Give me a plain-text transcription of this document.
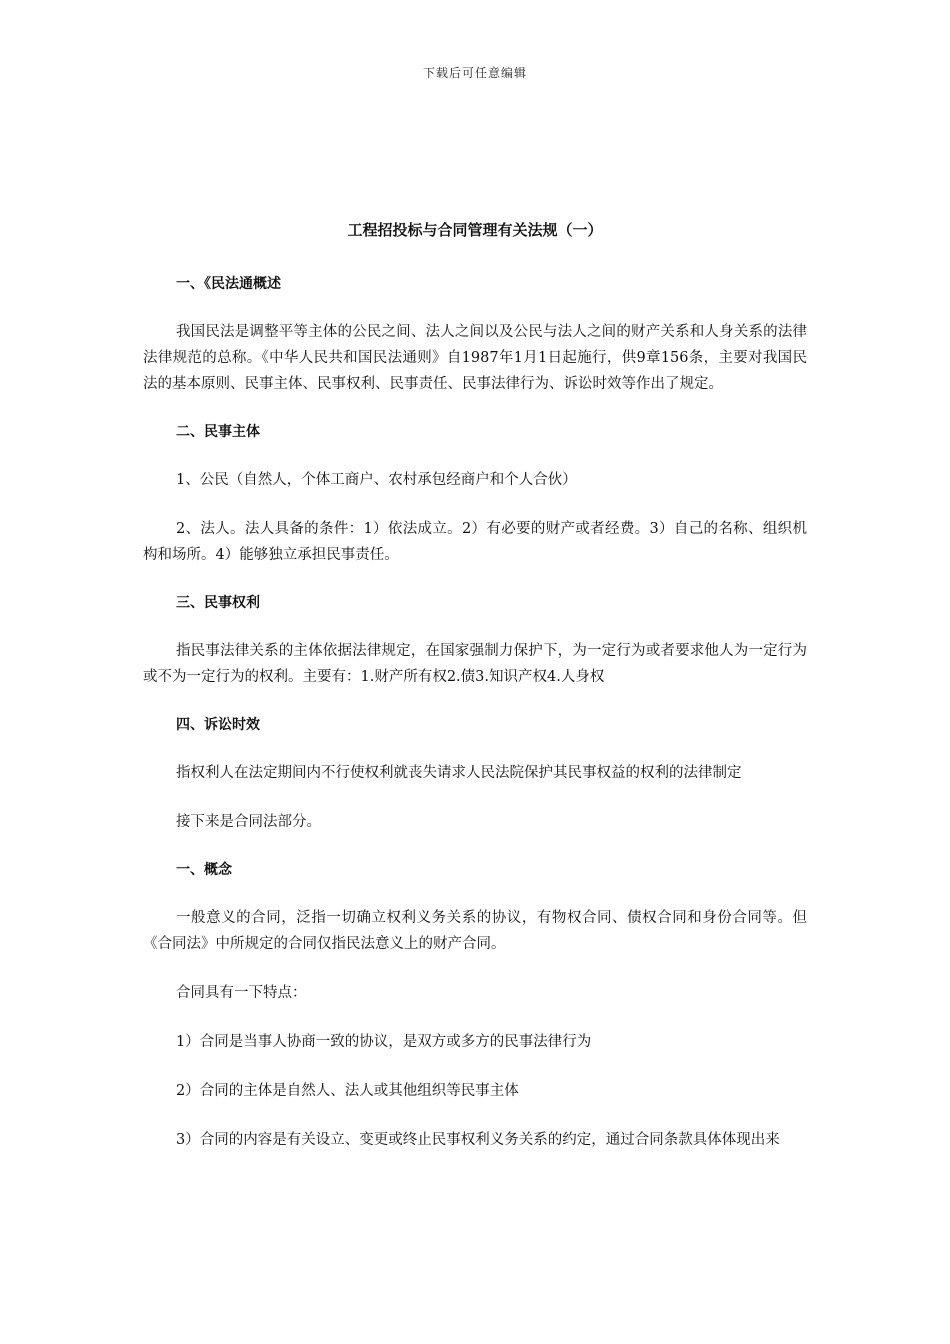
下载后可任意编辑
工程招投标与合同管理有关法规（一）
一、《民法通概述
我国民法是调整平等主体的公民之间、法人之间以及公民与法人之间的财产关系和人身关系的法律法律规范的总称。《中华人民共和国民法通则》自1987年1月1日起施行，供9章156条，主要对我国民法的基本原则、民事主体、民事权利、民事责任、民事法律行为、诉讼时效等作出了规定。
二、民事主体
1、公民（自然人，个体工商户、农村承包经商户和个人合伙）
2、法人。法人具备的条件：1）依法成立。2）有必要的财产或者经费。3）自己的名称、组织机构和场所。4）能够独立承担民事责任。
三、民事权利
指民事法律关系的主体依据法律规定，在国家强制力保护下，为一定行为或者要求他人为一定行为或不为一定行为的权利。主要有：1.财产所有权2.债3.知识产权4.人身权
四、诉讼时效
指权利人在法定期间内不行使权利就丧失请求人民法院保护其民事权益的权利的法律制定
接下来是合同法部分。
一、概念
一般意义的合同，泛指一切确立权利义务关系的协议，有物权合同、债权合同和身份合同等。但《合同法》中所规定的合同仅指民法意义上的财产合同。
合同具有一下特点：
1）合同是当事人协商一致的协议，是双方或多方的民事法律行为
2）合同的主体是自然人、法人或其他组织等民事主体
3）合同的内容是有关设立、变更或终止民事权利义务关系的约定，通过合同条款具体体现出来
